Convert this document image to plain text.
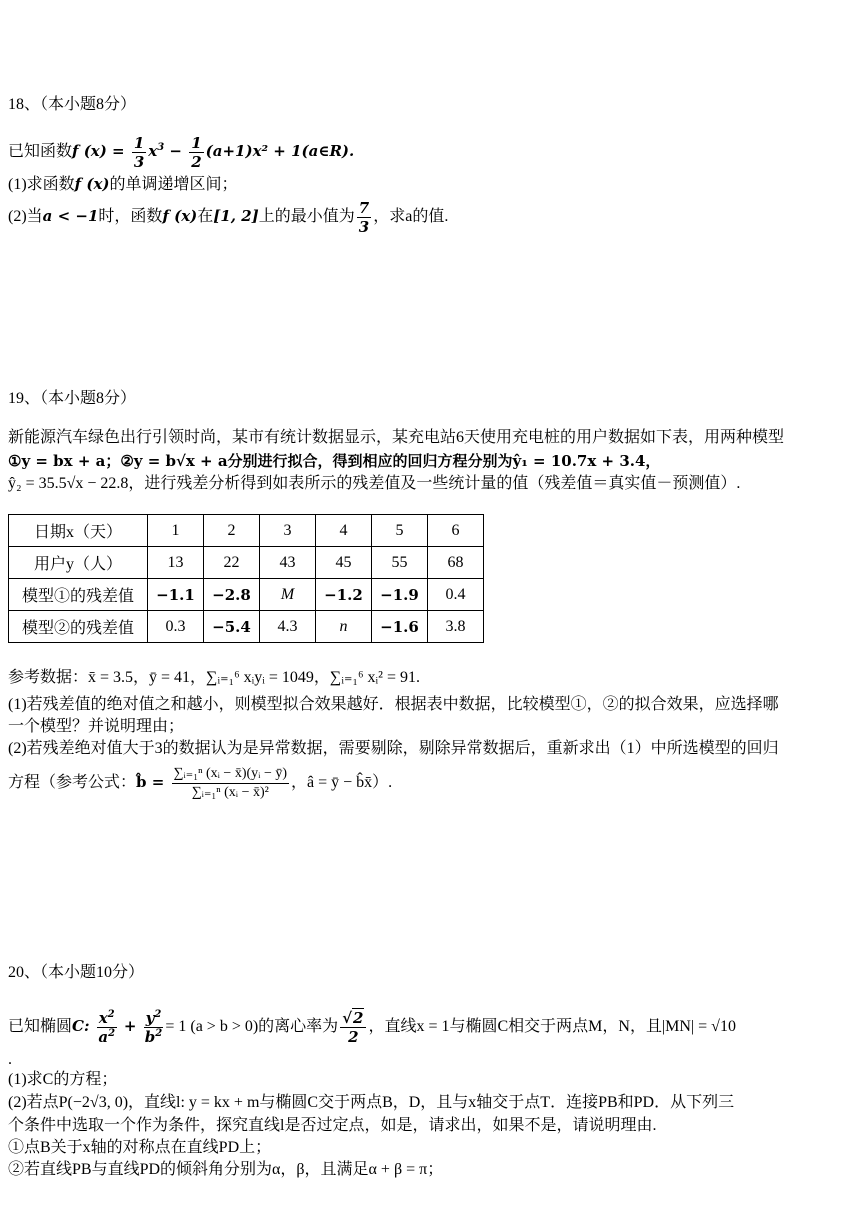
18、（本小题8分）
已知函数f $(x) = \frac{1}{3} x^3 - \frac{1}{2} (a+1)x^2$ + 1(a∈R).
(1)求函数f (x)的单调递增区间；
(2)当a < −1时，函数f (x)在[1, 2]上的最小值为 $\frac{7}{3}$ ，求a的值.
19、（本小题8分）
新能源汽车绿色出行引领时尚，某市有统计数据显示，某充电站6天使用充电桩的用户数据如下表，用两种模型
①y = bx + a；②y = b√x + a分别进行拟合，得到相应的回归方程分别为ŷ₁ = 10.7x + 3.4，
ŷ₂ = 35.5√x − 22.8，进行残差分析得到如表所示的残差值及一些统计量的值（残差值＝真实值－预测值）.
日期x（天）	1	2	3	4	5	6
用户y（人）	13	22	43	45	55	68
模型①的残差值	−1.1	−2.8	M	−1.2	−1.9	0.4
模型②的残差值	0.3	−5.4	4.3	n	−1.6	3.8
参考数据：x̄ = 3.5，ȳ = 41，∑ᵢ₌₁⁶ xᵢyᵢ = 1049，∑ᵢ₌₁⁶ xᵢ² = 91.
(1)若残差值的绝对值之和越小，则模型拟合效果越好．根据表中数据，比较模型①，②的拟合效果，应选择哪
一个模型？并说明理由；
(2)若残差绝对值大于3的数据认为是异常数据，需要剔除，剔除异常数据后，重新求出（1）中所选模型的回归
方程（参考公式：b̂ = $\frac{\text{∑ᵢ₌₁ⁿ (xᵢ − x̄)(yᵢ − ȳ)}}{\text{∑ᵢ₌₁ⁿ (xᵢ − x̄)²}}$ ，â = ȳ − b̂x̄）.
20、（本小题10分）
已知椭圆C: $\frac{x^2}{a^2} + \frac{y^2}{b^2} = 1$ (a > b > 0)的离心率为 $\frac{√2}{2}$ ，直线x = 1与椭圆C相交于两点M，N，且|MN| = √10
.
(1)求C的方程；
(2)若点P(−2√3, 0)，直线l: y = kx + m与椭圆C交于两点B，D，且与x轴交于点T．连接PB和PD．从下列三
个条件中选取一个作为条件，探究直线l是否过定点，如是，请求出，如果不是，请说明理由.
①点B关于x轴的对称点在直线PD上；
②若直线PB与直线PD的倾斜角分别为α，β，且满足α + β = π；
